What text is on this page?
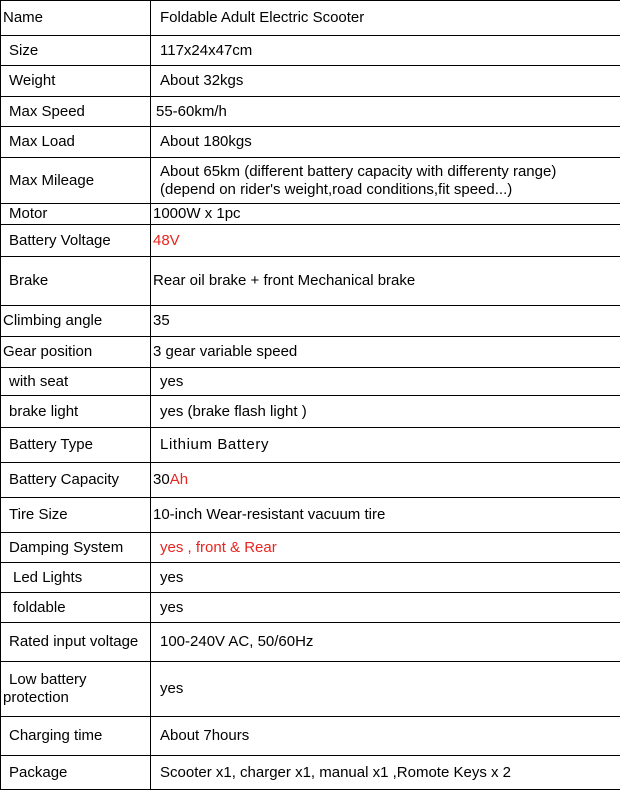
Name	Foldable Adult Electric Scooter
Size	117x24x47cm
Weight	About 32kgs
Max Speed	55-60km/h
Max Load	About 180kgs
Max Mileage	About 65km (different battery capacity with differenty range)
(depend on rider's weight,road conditions,fit speed...)

Motor	1000W x 1pc
Battery Voltage	48V
Brake	Rear oil brake + front Mechanical brake
Climbing angle	35
Gear position	3 gear variable speed
with seat	yes
brake light	yes (brake flash light )
Battery Type	Lithium Battery
Battery Capacity	30Ah
Tire Size	10-inch Wear-resistant vacuum tire
Damping System	yes , front & Rear
Led Lights	yes
foldable	yes
Rated input voltage	100-240V AC, 50/60Hz

Low battery
protection	yes
Charging time	About 7hours
Package	Scooter x1, charger x1, manual x1 ,Romote Keys x 2
